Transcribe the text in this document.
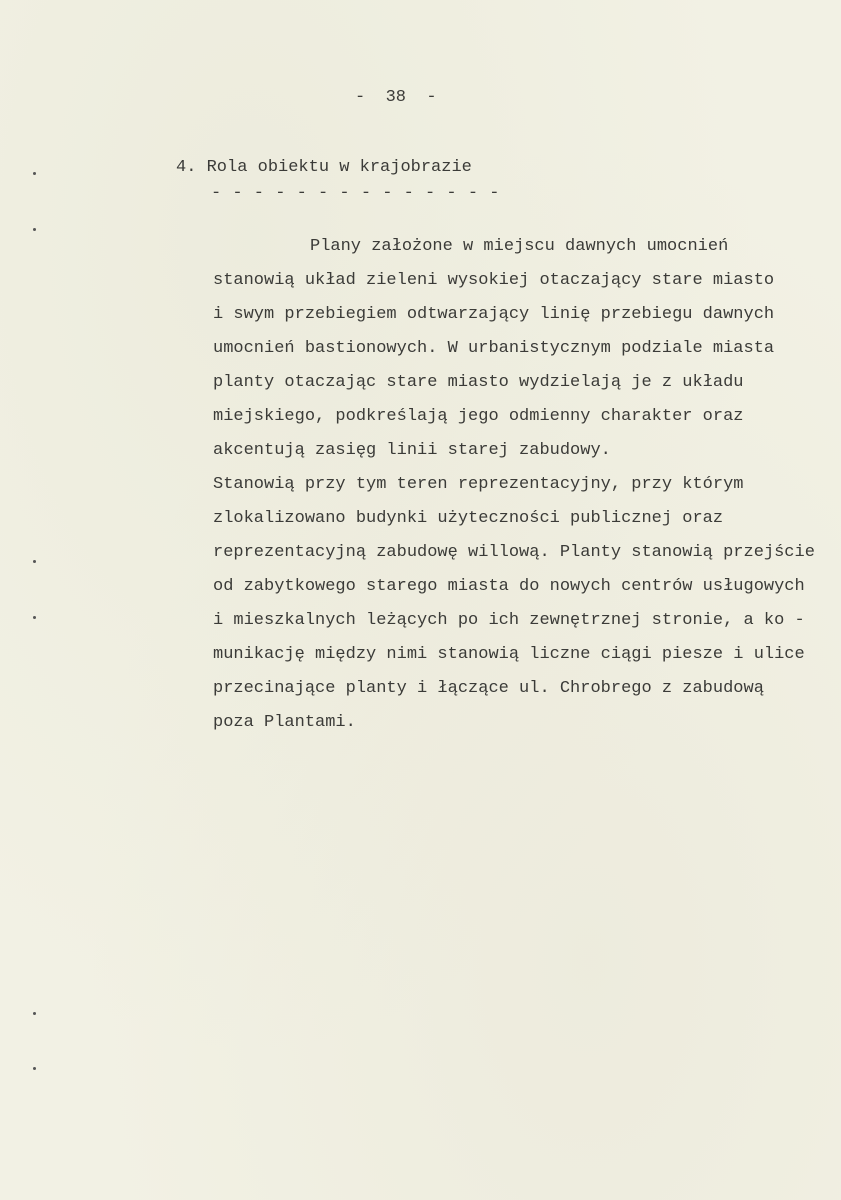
-  38  -
4. Rola obiektu w krajobrazie
- - - - - - - - - - - - - -
Plany założone w miejscu dawnych umocnień
stanowią układ zieleni wysokiej otaczający stare miasto
i swym przebiegiem odtwarzający linię przebiegu dawnych
umocnień bastionowych. W urbanistycznym podziale miasta
planty otaczając stare miasto wydzielają je z układu
miejskiego, podkreślają jego odmienny charakter oraz
akcentują zasięg linii starej zabudowy.
Stanowią przy tym teren reprezentacyjny, przy którym
zlokalizowano budynki użyteczności publicznej oraz
reprezentacyjną zabudowę willową. Planty stanowią przejście
od zabytkowego starego miasta do nowych centrów usługowych
i mieszkalnych leżących po ich zewnętrznej stronie, a ko -
munikację między nimi stanowią liczne ciągi piesze i ulice
przecinające planty i łączące ul. Chrobrego z zabudową
poza Plantami.
